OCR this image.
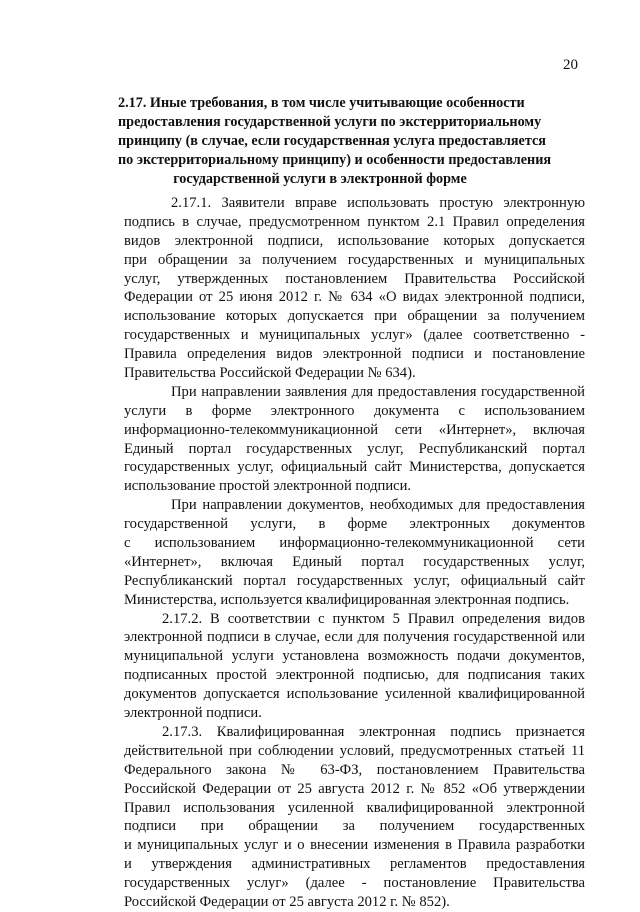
20
2.17. Иные требования, в том числе учитывающие особенности
предоставления государственной услуги по экстерриториальному
принципу (в случае, если государственная услуга предоставляется
по экстерриториальному принципу) и особенности предоставления
государственной услуги в электронной форме
2.17.1. Заявители вправе использовать простую электронную
подпись в случае, предусмотренном пунктом 2.1 Правил определения
видов электронной подписи, использование которых допускается
при обращении за получением государственных и муниципальных
услуг, утвержденных постановлением Правительства Российской
Федерации от 25 июня 2012 г. № 634 «О видах электронной подписи,
использование которых допускается при обращении за получением
государственных и муниципальных услуг» (далее соответственно -
Правила определения видов электронной подписи и постановление
Правительства Российской Федерации № 634).
При направлении заявления для предоставления государственной
услуги в форме электронного документа с использованием
информационно-телекоммуникационной сети «Интернет», включая
Единый портал государственных услуг, Республиканский портал
государственных услуг, официальный сайт Министерства, допускается
использование простой электронной подписи.
При направлении документов, необходимых для предоставления
государственной услуги, в форме электронных документов
с использованием информационно-телекоммуникационной сети
«Интернет», включая Единый портал государственных услуг,
Республиканский портал государственных услуг, официальный сайт
Министерства, используется квалифицированная электронная подпись.
2.17.2. В соответствии с пунктом 5 Правил определения видов
электронной подписи в случае, если для получения государственной или
муниципальной услуги установлена возможность подачи документов,
подписанных простой электронной подписью, для подписания таких
документов допускается использование усиленной квалифицированной
электронной подписи.
2.17.3. Квалифицированная электронная подпись признается
действительной при соблюдении условий, предусмотренных статьей 11
Федерального закона № 63-ФЗ, постановлением Правительства
Российской Федерации от 25 августа 2012 г. № 852 «Об утверждении
Правил использования усиленной квалифицированной электронной
подписи при обращении за получением государственных
и муниципальных услуг и о внесении изменения в Правила разработки
и утверждения административных регламентов предоставления
государственных услуг» (далее - постановление Правительства
Российской Федерации от 25 августа 2012 г. № 852).
